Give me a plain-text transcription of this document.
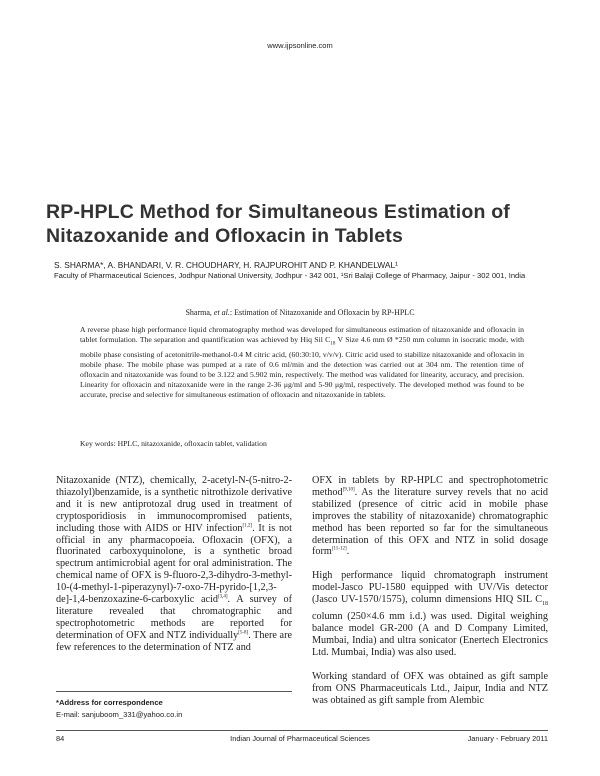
www.ijpsonline.com
RP-HPLC Method for Simultaneous Estimation of Nitazoxanide and Ofloxacin in Tablets
S. SHARMA*, A. BHANDARI, V. R. CHOUDHARY, H. RAJPUROHIT AND P. KHANDELWAL¹
Faculty of Pharmaceutical Sciences, Jodhpur National University, Jodhpur - 342 001, ¹Sri Balaji College of Pharmacy, Jaipur - 302 001, India
Sharma, et al.: Estimation of Nitazoxanide and Ofloxacin by RP-HPLC
A reverse phase high performance liquid chromatography method was developed for simultaneous estimation of nitazoxanide and ofloxacin in tablet formulation. The separation and quantification was achieved by Hiq Sil $C_{18}$ V Size 4.6 mm Ø *250 mm column in isocratic mode, with mobile phase consisting of acetonitrile-methanol-0.4 M citric acid, (60:30:10, v/v/v). Citric acid used to stabilize nitazoxanide and ofloxacin in mobile phase. The mobile phase was pumped at a rate of 0.6 ml/min and the detection was carried out at 304 nm. The retention time of ofloxacin and nitazoxanide was found to be 3.122 and 5.902 min, respectively. The method was validated for linearity, accuracy, and precision. Linearity for ofloxacin and nitazoxanide were in the range 2-36 μg/ml and 5-90 μg/ml, respectively. The developed method was found to be accurate, precise and selective for simultaneous estimation of ofloxacin and nitazoxanide in tablets.
Key words: HPLC, nitazoxanide, ofloxacin tablet, validation

Nitazoxanide (NTZ), chemically, 2-acetyl-N-(5-nitro-2-thiazolyl)benzamide, is a synthetic nitrothizole derivative and it is new antiprotozal drug used in treatment of cryptosporidiosis in immunocompromised patients, including those with AIDS or HIV infection[1,2]. It is not official in any pharmacopoeia. Ofloxacin (OFX), a fluorinated carboxyquinolone, is a synthetic broad spectrum antimicrobial agent for oral administration. The chemical name of OFX is 9-fluoro-2,3-dihydro-3-methyl-10-(4-methyl-1-piperazynyl)-7-oxo-7H-pyrido-[1,2,3-de]-1,4-benzoxazine-6-carboxylic acid[3,4]. A survey of literature revealed that chromatographic and spectrophotometric methods are reported for determination of OFX and NTZ individually[5-8]. There are few references to the determination of NTZ and

OFX in tablets by RP-HPLC and spectrophotometric method[9,10]. As the literature survey revels that no acid stabilized (presence of citric acid in mobile phase improves the stability of nitazoxanide) chromatographic method has been reported so far for the simultaneous determination of this OFX and NTZ in solid dosage form[11-12].

High performance liquid chromatograph instrument model-Jasco PU-1580 equipped with UV/Vis detector (Jasco UV-1570/1575), column dimensions HIQ SIL $C_{18}$ column (250×4.6 mm i.d.) was used. Digital weighing balance model GR-200 (A and D Company Limited, Mumbai, India) and ultra sonicator (Enertech Electronics Ltd. Mumbai, India) was also used.

Working standard of OFX was obtained as gift sample from ONS Pharmaceuticals Ltd., Jaipur, India and NTZ was obtained as gift sample from Alembic

*Address for correspondence
E-mail: sanjuboom_331@yahoo.co.in
84	Indian Journal of Pharmaceutical Sciences	January - February 2011
